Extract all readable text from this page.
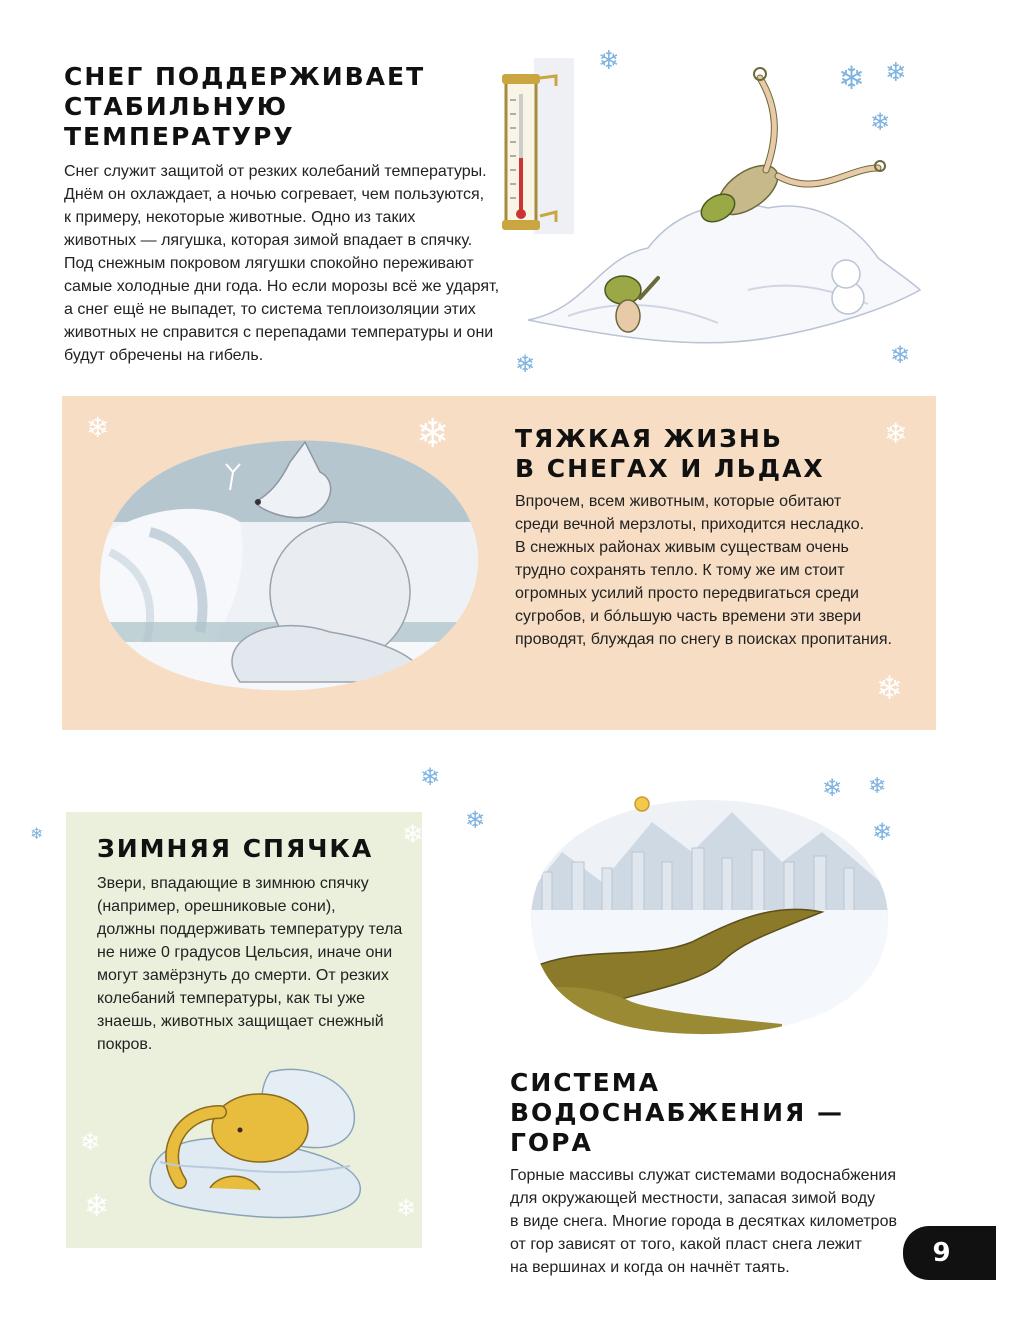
❄	❄ ❄
❄
❄
❄
❄
❄
❄ ❄
❄
❄
СНЕГ ПОДДЕРЖИВАЕТ
СТАБИЛЬНУЮ ТЕМПЕРАТУРУ

Снег служит защитой от резких колебаний температуры.

Днём он охлаждает, а ночью согревает, чем пользуются,

к примеру, некоторые животные. Одно из таких

животных — лягушка, которая зимой впадает в спячку.

Под снежным покровом лягушки спокойно переживают

самые холодные дни года. Но если морозы всё же ударят,

а снег ещё не выпадет, то система теплоизоляции этих

животных не справится с перепадами температуры и они

будут обречены на гибель.

❄	❄	❄
❄
ТЯЖКАЯ ЖИЗНЬ
В СНЕГАХ И ЛЬДАХ

Впрочем, всем животным, которые обитают

среди вечной мерзлоты, приходится несладко.

В снежных районах живым существам очень

трудно сохранять тепло. К тому же им стоит

огромных усилий просто передвигаться среди

сугробов, и бóльшую часть времени эти звери

проводят, блуждая по снегу в поисках пропитания.

❄
❄
❄	❄
ЗИМНЯЯ СПЯЧКА

Звери, впадающие в зимнюю спячку

(например, орешниковые сони),

должны поддерживать температуру тела

не ниже 0 градусов Цельсия, иначе они

могут замёрзнуть до смерти. От резких

колебаний температуры, как ты уже

знаешь, животных защищает снежный

покров.

СИСТЕМА
ВОДОСНАБЖЕНИЯ — ГОРА

Горные массивы служат системами водоснабжения

для окружающей местности, запасая зимой воду

в виде снега. Многие города в десятках километров

от гор зависят от того, какой пласт снега лежит

на вершинах и когда он начнёт таять.	9
